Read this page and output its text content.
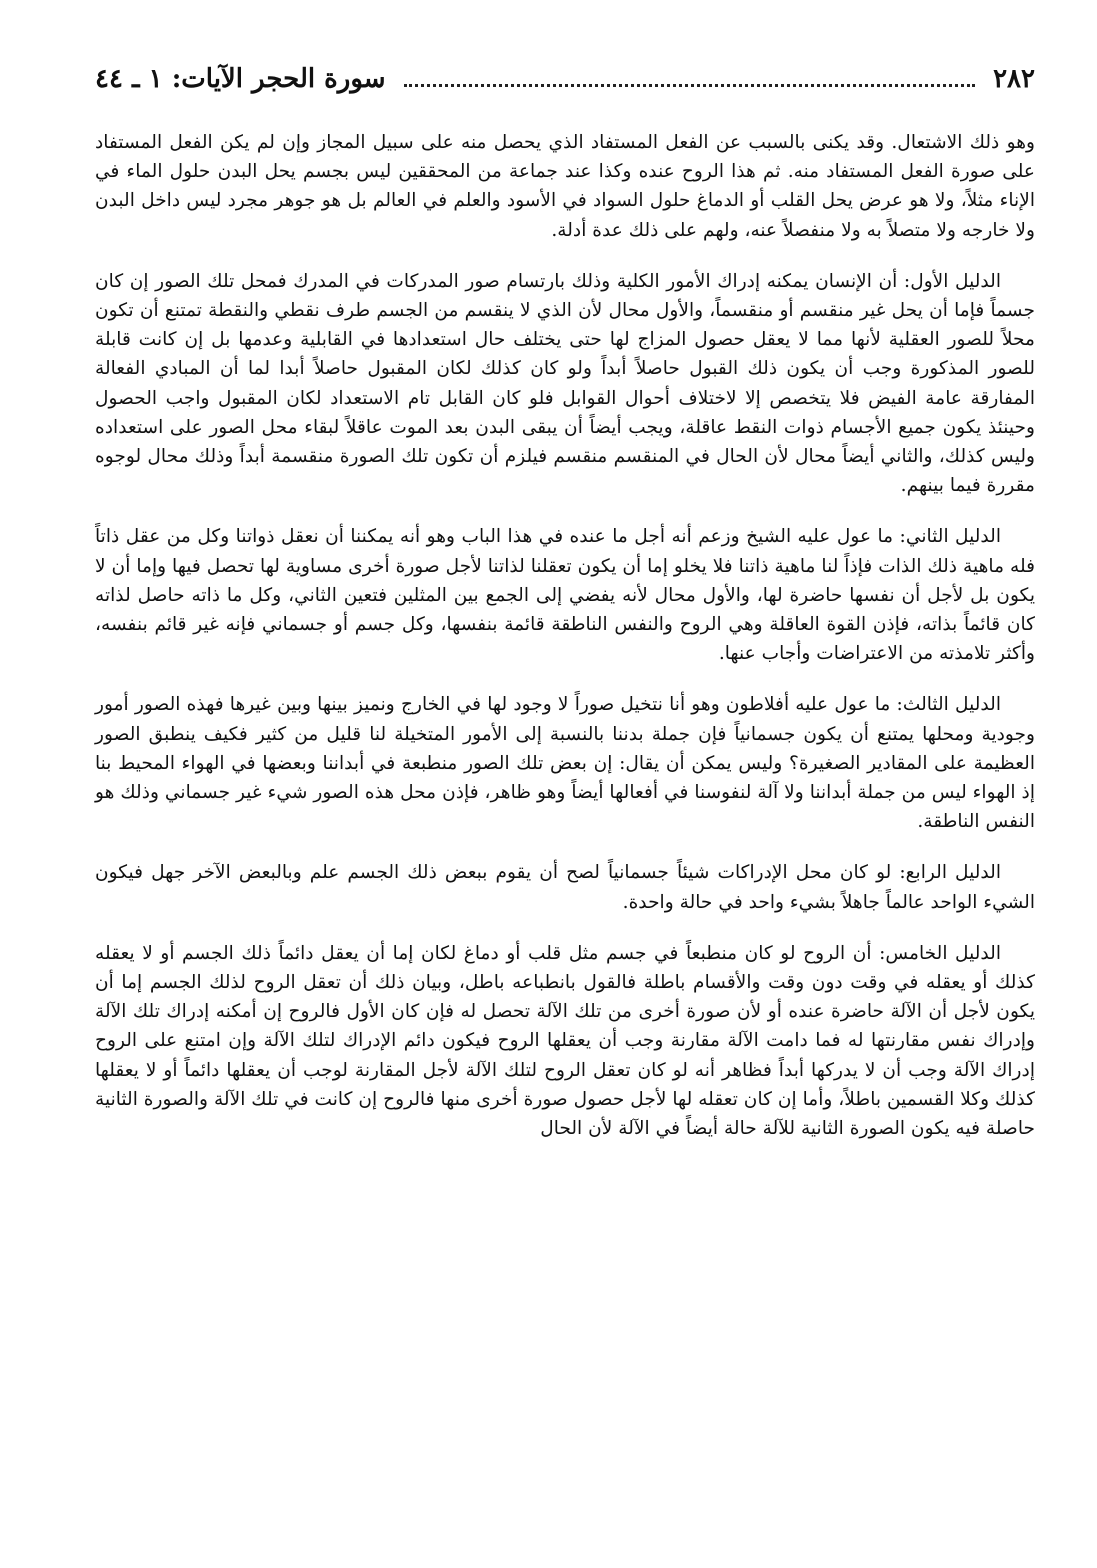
٢٨٢
سورة الحجر الآيات: ١ ـ ٤٤

وهو ذلك الاشتعال. وقد يكنى بالسبب عن الفعل المستفاد الذي يحصل منه على سبيل المجاز وإن لم يكن الفعل المستفاد على صورة الفعل المستفاد منه. ثم هذا الروح عنده وكذا عند جماعة من المحققين ليس بجسم يحل البدن حلول الماء في الإناء مثلاً، ولا هو عرض يحل القلب أو الدماغ حلول السواد في الأسود والعلم في العالم بل هو جوهر مجرد ليس داخل البدن ولا خارجه ولا متصلاً به ولا منفصلاً عنه، ولهم على ذلك عدة أدلة.

الدليل الأول: أن الإنسان يمكنه إدراك الأمور الكلية وذلك بارتسام صور المدركات في المدرك فمحل تلك الصور إن كان جسماً فإما أن يحل غير منقسم أو منقسماً، والأول محال لأن الذي لا ينقسم من الجسم طرف نقطي والنقطة تمتنع أن تكون محلاً للصور العقلية لأنها مما لا يعقل حصول المزاج لها حتى يختلف حال استعدادها في القابلية وعدمها بل إن كانت قابلة للصور المذكورة وجب أن يكون ذلك القبول حاصلاً أبداً ولو كان كذلك لكان المقبول حاصلاً أبدا لما أن المبادي الفعالة المفارقة عامة الفيض فلا يتخصص إلا لاختلاف أحوال القوابل فلو كان القابل تام الاستعداد لكان المقبول واجب الحصول وحينئذ يكون جميع الأجسام ذوات النقط عاقلة، ويجب أيضاً أن يبقى البدن بعد الموت عاقلاً لبقاء محل الصور على استعداده وليس كذلك، والثاني أيضاً محال لأن الحال في المنقسم منقسم فيلزم أن تكون تلك الصورة منقسمة أبداً وذلك محال لوجوه مقررة فيما بينهم.

الدليل الثاني: ما عول عليه الشيخ وزعم أنه أجل ما عنده في هذا الباب وهو أنه يمكننا أن نعقل ذواتنا وكل من عقل ذاتاً فله ماهية ذلك الذات فإذاً لنا ماهية ذاتنا فلا يخلو إما أن يكون تعقلنا لذاتنا لأجل صورة أخرى مساوية لها تحصل فيها وإما أن لا يكون بل لأجل أن نفسها حاضرة لها، والأول محال لأنه يفضي إلى الجمع بين المثلين فتعين الثاني، وكل ما ذاته حاصل لذاته كان قائماً بذاته، فإذن القوة العاقلة وهي الروح والنفس الناطقة قائمة بنفسها، وكل جسم أو جسماني فإنه غير قائم بنفسه، وأكثر تلامذته من الاعتراضات وأجاب عنها.

الدليل الثالث: ما عول عليه أفلاطون وهو أنا نتخيل صوراً لا وجود لها في الخارج ونميز بينها وبين غيرها فهذه الصور أمور وجودية ومحلها يمتنع أن يكون جسمانياً فإن جملة بدننا بالنسبة إلى الأمور المتخيلة لنا قليل من كثير فكيف ينطبق الصور العظيمة على المقادير الصغيرة؟ وليس يمكن أن يقال: إن بعض تلك الصور منطبعة في أبداننا وبعضها في الهواء المحيط بنا إذ الهواء ليس من جملة أبداننا ولا آلة لنفوسنا في أفعالها أيضاً وهو ظاهر، فإذن محل هذه الصور شيء غير جسماني وذلك هو النفس الناطقة.

الدليل الرابع: لو كان محل الإدراكات شيئاً جسمانياً لصح أن يقوم ببعض ذلك الجسم علم وبالبعض الآخر جهل فيكون الشيء الواحد عالماً جاهلاً بشيء واحد في حالة واحدة.

الدليل الخامس: أن الروح لو كان منطبعاً في جسم مثل قلب أو دماغ لكان إما أن يعقل دائماً ذلك الجسم أو لا يعقله كذلك أو يعقله في وقت دون وقت والأقسام باطلة فالقول بانطباعه باطل، وبيان ذلك أن تعقل الروح لذلك الجسم إما أن يكون لأجل أن الآلة حاضرة عنده أو لأن صورة أخرى من تلك الآلة تحصل له فإن كان الأول فالروح إن أمكنه إدراك تلك الآلة وإدراك نفس مقارنتها له فما دامت الآلة مقارنة وجب أن يعقلها الروح فيكون دائم الإدراك لتلك الآلة وإن امتنع على الروح إدراك الآلة وجب أن لا يدركها أبداً فظاهر أنه لو كان تعقل الروح لتلك الآلة لأجل المقارنة لوجب أن يعقلها دائماً أو لا يعقلها كذلك وكلا القسمين باطلاً، وأما إن كان تعقله لها لأجل حصول صورة أخرى منها فالروح إن كانت في تلك الآلة والصورة الثانية حاصلة فيه يكون الصورة الثانية للآلة حالة أيضاً في الآلة لأن الحال
